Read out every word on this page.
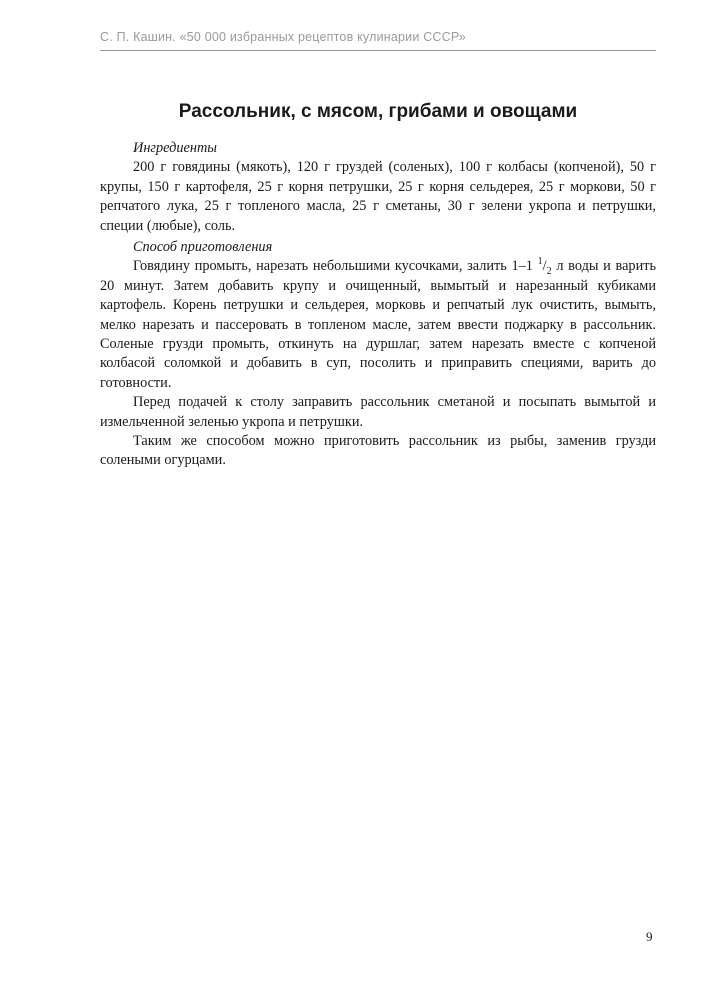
С. П. Кашин. «50 000 избранных рецептов кулинарии СССР»
Рассольник, с мясом, грибами и овощами

Ингредиенты

200 г говядины (мякоть), 120 г груздей (соленых), 100 г колбасы (копченой), 50 г крупы, 150 г картофеля, 25 г корня петрушки, 25 г корня сельдерея, 25 г моркови, 50 г репчатого лука, 25 г топленого масла, 25 г сметаны, 30 г зелени укропа и петрушки, специи (любые), соль.

Способ приготовления

Говядину промыть, нарезать небольшими кусочками, залить 1–1 $^1/_2$ л воды и варить 20 минут. Затем добавить крупу и очищенный, вымытый и нарезанный кубиками картофель. Корень петрушки и сельдерея, морковь и репчатый лук очистить, вымыть, мелко нарезать и пассеровать в топленом масле, затем ввести поджарку в рассольник. Соленые грузди промыть, откинуть на дуршлаг, затем нарезать вместе с копченой колбасой соломкой и добавить в суп, посолить и приправить специями, варить до готовности.

Перед подачей к столу заправить рассольник сметаной и посыпать вымытой и измельченной зеленью укропа и петрушки.

Таким же способом можно приготовить рассольник из рыбы, заменив грузди солеными огурцами.

9
